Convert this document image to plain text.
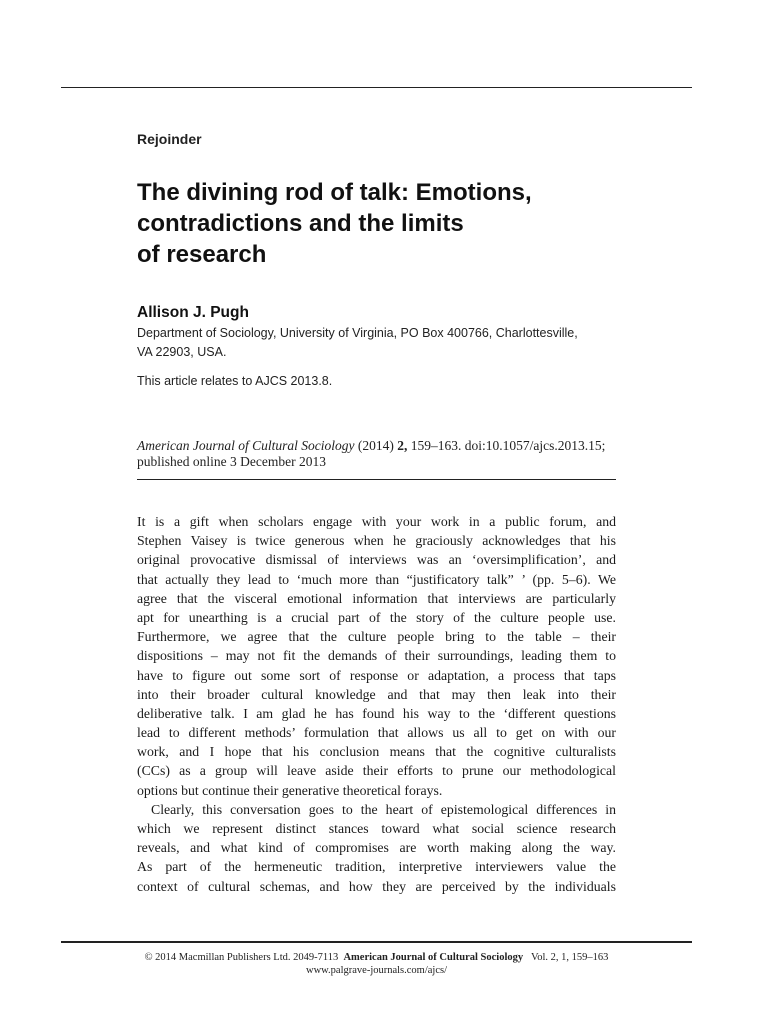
Rejoinder
The divining rod of talk: Emotions,
contradictions and the limits
of research
Allison J. Pugh
Department of Sociology, University of Virginia, PO Box 400766, Charlottesville,
VA 22903, USA.
This article relates to AJCS 2013.8.
American Journal of Cultural Sociology (2014) 2, 159–163. doi:10.1057/ajcs.2013.15;
published online 3 December 2013
It is a gift when scholars engage with your work in a public forum, and
Stephen Vaisey is twice generous when he graciously acknowledges that his
original provocative dismissal of interviews was an ‘oversimplification’, and
that actually they lead to ‘much more than “justificatory talk” ’ (pp. 5–6). We
agree that the visceral emotional information that interviews are particularly
apt for unearthing is a crucial part of the story of the culture people use.
Furthermore, we agree that the culture people bring to the table – their
dispositions – may not fit the demands of their surroundings, leading them to
have to figure out some sort of response or adaptation, a process that taps
into their broader cultural knowledge and that may then leak into their
deliberative talk. I am glad he has found his way to the ‘different questions
lead to different methods’ formulation that allows us all to get on with our
work, and I hope that his conclusion means that the cognitive culturalists
(CCs) as a group will leave aside their efforts to prune our methodological
options but continue their generative theoretical forays.
Clearly, this conversation goes to the heart of epistemological differences in
which we represent distinct stances toward what social science research
reveals, and what kind of compromises are worth making along the way.
As part of the hermeneutic tradition, interpretive interviewers value the
context of cultural schemas, and how they are perceived by the individuals
© 2014 Macmillan Publishers Ltd. 2049-7113 American Journal of Cultural Sociology Vol. 2, 1, 159–163
www.palgrave-journals.com/ajcs/
